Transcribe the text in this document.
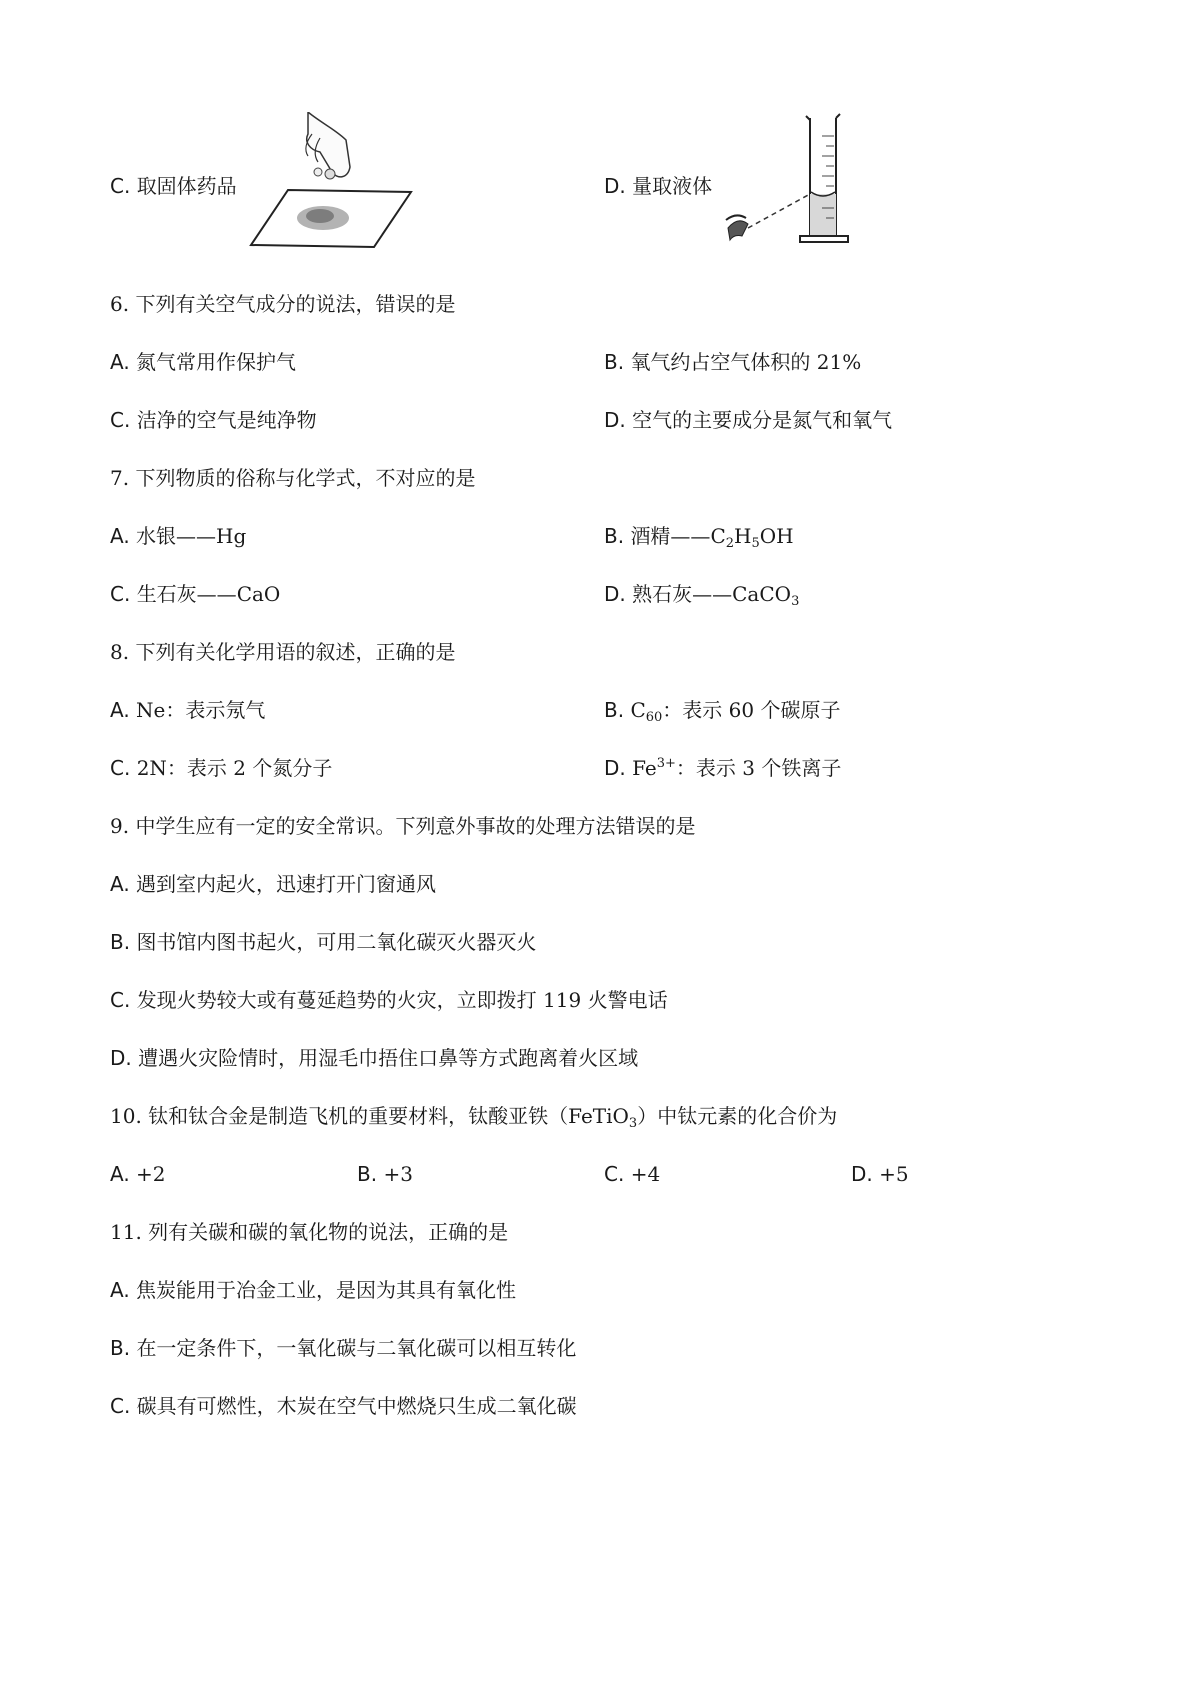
C. 取固体药品	D. 量取液体
6. 下列有关空气成分的说法，错误的是
A. 氮气常用作保护气	B. 氧气约占空气体积的 21%
C. 洁净的空气是纯净物	D. 空气的主要成分是氮气和氧气
7. 下列物质的俗称与化学式，不对应的是
A. 水银——Hg	B. 酒精$——C_2H_5OH$
C. 生石灰——CaO	D. 熟石灰——CaCO$_3$
8. 下列有关化学用语的叙述，正确的是
A. Ne：表示氖气	B. $C_{60}$：表示 60 个碳原子
C. 2N：表示 2 个氮分子	D. $Fe^{3+}$：表示 3 个铁离子
9. 中学生应有一定的安全常识。下列意外事故的处理方法错误的是
A. 遇到室内起火，迅速打开门窗通风
B. 图书馆内图书起火，可用二氧化碳灭火器灭火
C. 发现火势较大或有蔓延趋势的火灾，立即拨打 119 火警电话
D. 遭遇火灾险情时，用湿毛巾捂住口鼻等方式跑离着火区域
10. 钛和钛合金是制造飞机的重要材料，钛酸亚铁（FeTiO$_3$）中钛元素的化合价为
A. +2	B. +3	C. +4	D. +5
11. 列有关碳和碳的氧化物的说法，正确的是
A. 焦炭能用于冶金工业，是因为其具有氧化性
B. 在一定条件下，一氧化碳与二氧化碳可以相互转化
C. 碳具有可燃性，木炭在空气中燃烧只生成二氧化碳
